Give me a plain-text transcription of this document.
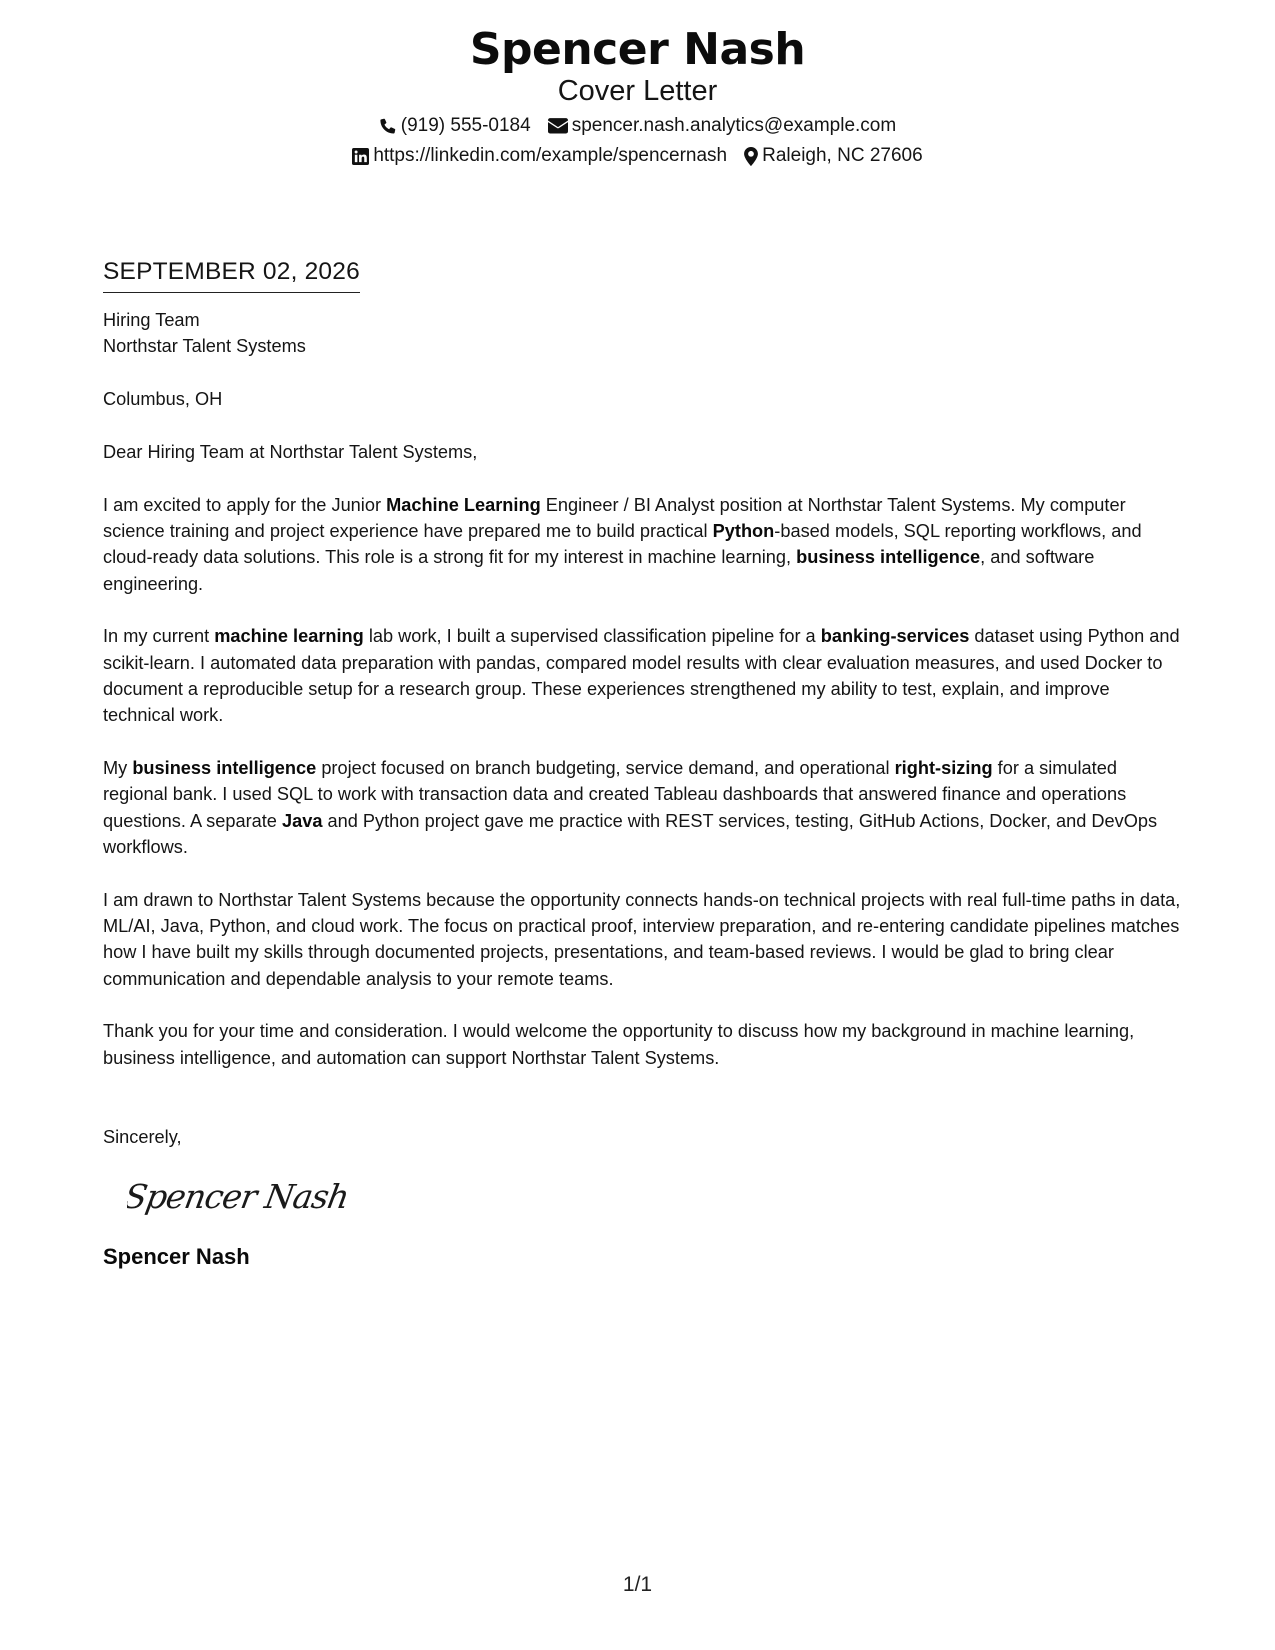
Spencer Nash
Cover Letter
(919) 555-0184 spencer.nash.analytics@example.com
https://linkedin.com/example/spencernash Raleigh, NC 27606
SEPTEMBER 02, 2026
Hiring Team
Northstar Talent Systems
Columbus, OH
Dear Hiring Team at Northstar Talent Systems,

I am excited to apply for the Junior Machine Learning Engineer / BI Analyst position at Northstar Talent Systems. My computer science training and project experience have prepared me to build practical Python-based models, SQL reporting workflows, and cloud-ready data solutions. This role is a strong fit for my interest in machine learning, business intelligence, and software engineering.

In my current machine learning lab work, I built a supervised classification pipeline for a banking-services dataset using Python and scikit-learn. I automated data preparation with pandas, compared model results with clear evaluation measures, and used Docker to document a reproducible setup for a research group. These experiences strengthened my ability to test, explain, and improve technical work.

My business intelligence project focused on branch budgeting, service demand, and operational right-sizing for a simulated regional bank. I used SQL to work with transaction data and created Tableau dashboards that answered finance and operations questions. A separate Java and Python project gave me practice with REST services, testing, GitHub Actions, Docker, and DevOps workflows.

I am drawn to Northstar Talent Systems because the opportunity connects hands-on technical projects with real full-time paths in data, ML/AI, Java, Python, and cloud work. The focus on practical proof, interview preparation, and re-entering candidate pipelines matches how I have built my skills through documented projects, presentations, and team-based reviews. I would be glad to bring clear communication and dependable analysis to your remote teams.

Thank you for your time and consideration. I would welcome the opportunity to discuss how my background in machine learning, business intelligence, and automation can support Northstar Talent Systems.

Sincerely,
Spencer Nash
Spencer Nash
1/1
